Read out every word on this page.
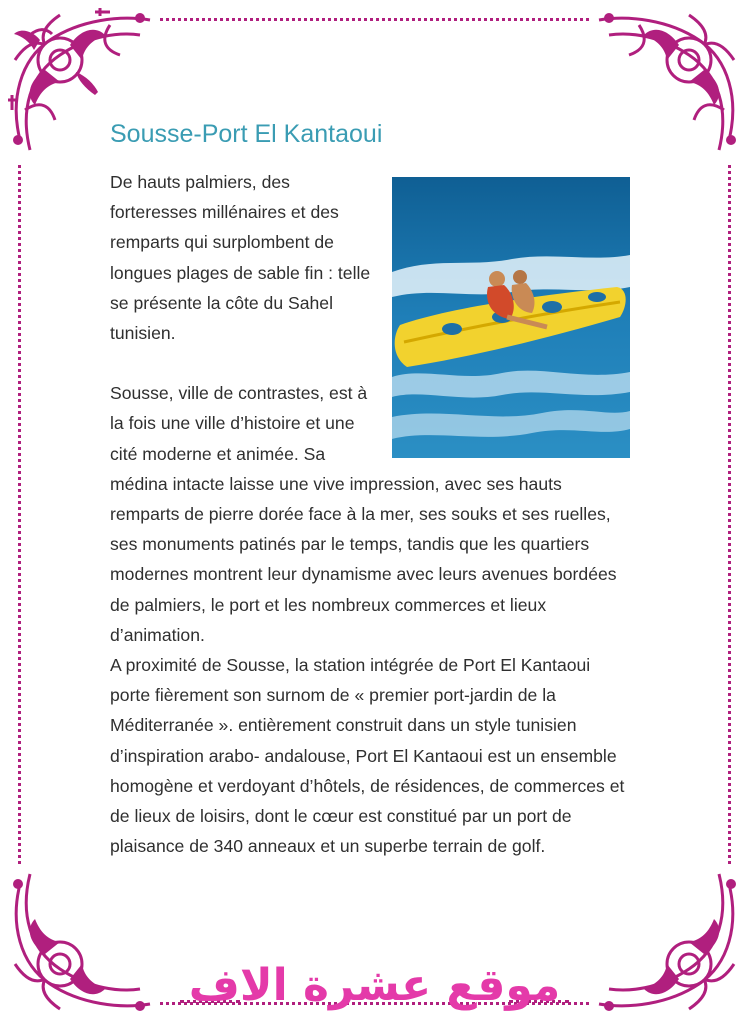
Sousse-Port El Kantaoui

De hauts palmiers, des forteresses millénaires et des remparts qui surplombent de longues plages de sable fin : telle se présente la côte du Sahel tunisien.

Sousse, ville de contrastes, est à la fois une ville d’histoire et une cité moderne et animée. Sa médina intacte laisse une vive impression, avec ses hauts remparts de pierre dorée face à la mer, ses souks et ses ruelles, ses monuments patinés par le temps, tandis que les quartiers modernes montrent leur dynamisme avec leurs avenues bordées de palmiers, le port et les nombreux commerces et lieux d’animation.

A proximité de Sousse, la station intégrée de Port El Kantaoui porte fièrement son surnom de « premier port-jardin de la Méditerranée ». entièrement construit dans un style tunisien d’inspiration arabo- andalouse, Port El Kantaoui est un ensemble homogène et verdoyant d’hôtels, de résidences, de commerces et de lieux de loisirs, dont le cœur est constitué par un port de plaisance de 340 anneaux et un superbe terrain de golf.

موقع عشرة الاف
